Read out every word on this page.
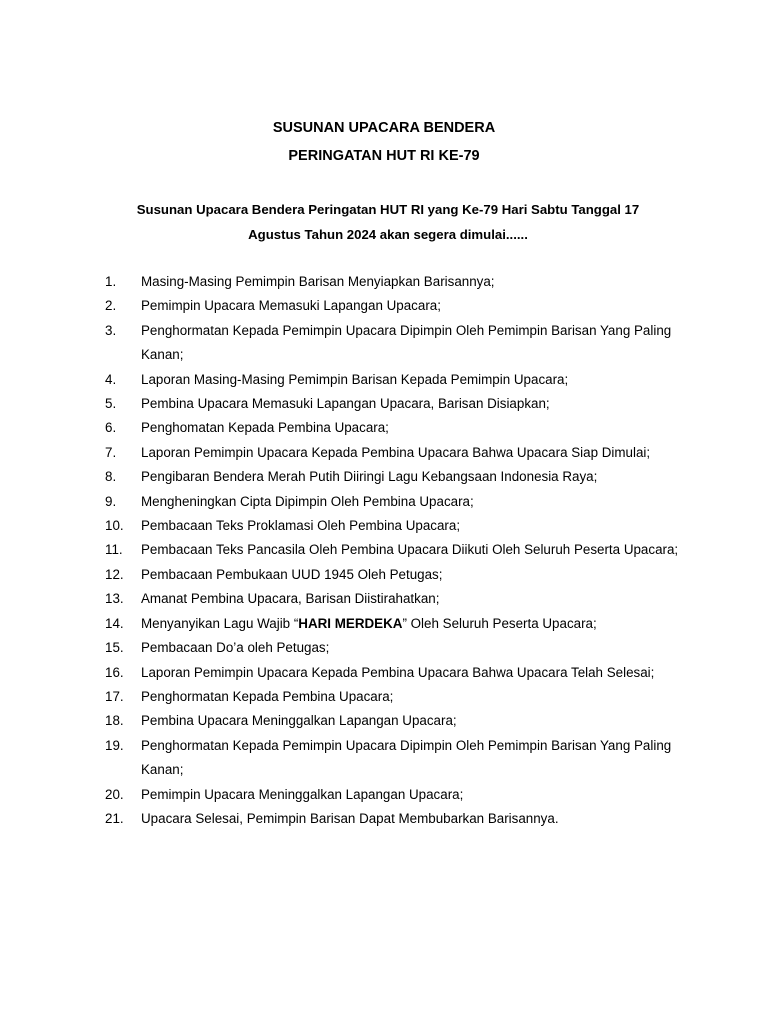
SUSUNAN UPACARA BENDERA
PERINGATAN HUT RI KE-79

Susunan Upacara Bendera Peringatan HUT RI yang Ke-79 Hari Sabtu Tanggal 17 Agustus Tahun 2024 akan segera dimulai......

1. Masing-Masing Pemimpin Barisan Menyiapkan Barisannya;
2. Pemimpin Upacara Memasuki Lapangan Upacara;
3. Penghormatan Kepada Pemimpin Upacara Dipimpin Oleh Pemimpin Barisan Yang Paling Kanan;
4. Laporan Masing-Masing Pemimpin Barisan Kepada Pemimpin Upacara;
5. Pembina Upacara Memasuki Lapangan Upacara, Barisan Disiapkan;
6. Penghomatan Kepada Pembina Upacara;
7. Laporan Pemimpin Upacara Kepada Pembina Upacara Bahwa Upacara Siap Dimulai;
8. Pengibaran Bendera Merah Putih Diiringi Lagu Kebangsaan Indonesia Raya;
9. Mengheningkan Cipta Dipimpin Oleh Pembina Upacara;
10. Pembacaan Teks Proklamasi Oleh Pembina Upacara;
11. Pembacaan Teks Pancasila Oleh Pembina Upacara Diikuti Oleh Seluruh Peserta Upacara;
12. Pembacaan Pembukaan UUD 1945 Oleh Petugas;
13. Amanat Pembina Upacara, Barisan Diistirahatkan;
14. Menyanyikan Lagu Wajib “HARI MERDEKA” Oleh Seluruh Peserta Upacara;
15. Pembacaan Do’a oleh Petugas;
16. Laporan Pemimpin Upacara Kepada Pembina Upacara Bahwa Upacara Telah Selesai;
17. Penghormatan Kepada Pembina Upacara;
18. Pembina Upacara Meninggalkan Lapangan Upacara;
19. Penghormatan Kepada Pemimpin Upacara Dipimpin Oleh Pemimpin Barisan Yang Paling Kanan;
20. Pemimpin Upacara Meninggalkan Lapangan Upacara;
21. Upacara Selesai, Pemimpin Barisan Dapat Membubarkan Barisannya.
